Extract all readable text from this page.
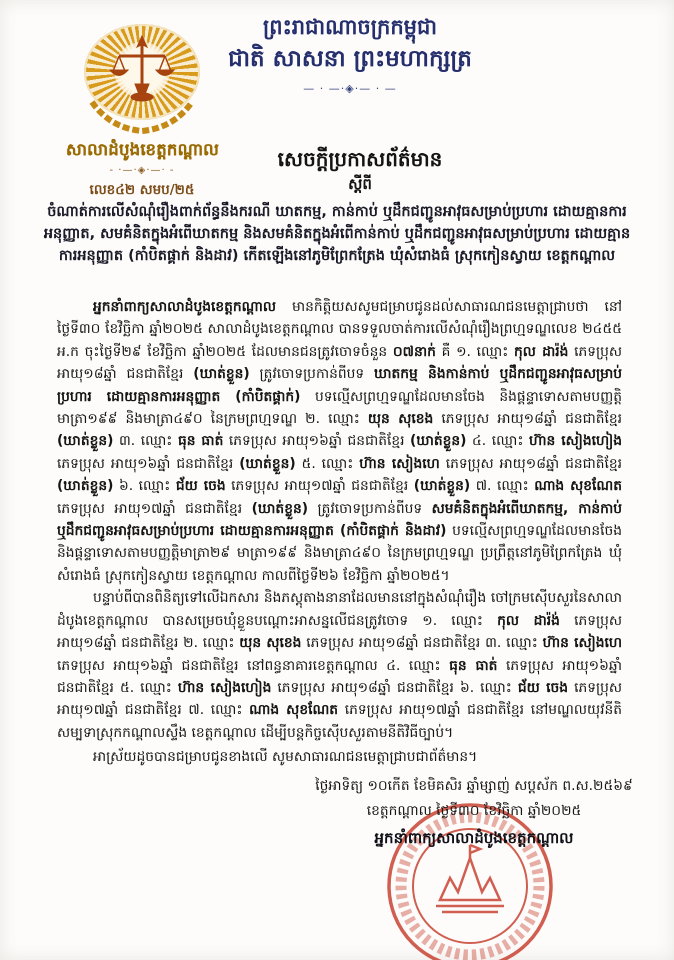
សាលាដំបូងខេត្តកណ្តាល
- ·—·◈·—· -
លេខ៤២ សមប/២៥
ព្រះរាជាណាចក្រកម្ពុជា
ជាតិ សាសនា ព្រះមហាក្សត្រ
— · —·◈·— · —
សេចក្តីប្រកាសព័ត៌មាន
ស្តីពី
ចំណាត់ការលើសំណុំរឿងពាក់ព័ន្ធនឹងករណី ឃាតកម្ម, កាន់កាប់ ឬដឹកជញ្ជូនអាវុធសម្រាប់ប្រហារ ដោយគ្មានការអនុញ្ញាត, សមគំនិតក្នុងអំពើឃាតកម្ម និងសមគំនិតក្នុងអំពើកាន់កាប់ ឬដឹកជញ្ជូនអាវុធសម្រាប់ប្រហារ ដោយគ្មានការអនុញ្ញាត (កាំបិតផ្គាក់ និងដាវ) កើតឡើងនៅភូមិព្រែកត្រែង ឃុំសំរោងធំ ស្រុកកៀនស្វាយ ខេត្តកណ្តាល

អ្នកនាំពាក្យសាលាដំបូងខេត្តកណ្តាល មានកិត្តិយសសូមជម្រាបជូនដល់សាធារណជនមេត្តាជ្រាបថា នៅថ្ងៃទី៣០ ខែវិច្ឆិកា ឆ្នាំ២០២៥ សាលាដំបូងខេត្តកណ្តាល បានទទួលចាត់ការលើសំណុំរឿងព្រហ្មទណ្ឌលេខ ២៤៥៥ អ.ក ចុះថ្ងៃទី២៩ ខែវិច្ឆិកា ឆ្នាំ២០២៥ ដែលមានជនត្រូវចោទចំនួន ០៧នាក់ គឺ ១. ឈ្មោះ កុល ដារ៉ង់ ភេទប្រុស អាយុ១៨ឆ្នាំ ជនជាតិខ្មែរ (ឃាត់ខ្លួន) ត្រូវចោទប្រកាន់ពីបទ ឃាតកម្ម និងកាន់កាប់ ឬដឹកជញ្ជូនអាវុធសម្រាប់ប្រហារ ដោយគ្មានការអនុញ្ញាត (កាំបិតផ្គាក់) បទល្មើសព្រហ្មទណ្ឌដែលមានចែង និងផ្តន្ទាទោសតាមបញ្ញត្តិមាត្រា១៩៩ និងមាត្រា៤៩០ នៃក្រមព្រហ្មទណ្ឌ ២. ឈ្មោះ យុន សុខេង ភេទប្រុស អាយុ១៨ឆ្នាំ ជនជាតិខ្មែរ (ឃាត់ខ្លួន) ៣. ឈ្មោះ ធុន ធាត់ ភេទប្រុស អាយុ១៦ឆ្នាំ ជនជាតិខ្មែរ (ឃាត់ខ្លួន) ៤. ឈ្មោះ ហ៊ាន សៀងហៀង ភេទប្រុស អាយុ១៦ឆ្នាំ ជនជាតិខ្មែរ (ឃាត់ខ្លួន) ៥. ឈ្មោះ ហ៊ាន សៀងហេ ភេទប្រុស អាយុ១៨ឆ្នាំ ជនជាតិខ្មែរ (ឃាត់ខ្លួន) ៦. ឈ្មោះ ជ័យ ចេង ភេទប្រុស អាយុ១៧ឆ្នាំ ជនជាតិខ្មែរ (ឃាត់ខ្លួន) ៧. ឈ្មោះ ណាង សុខណែត ភេទប្រុស អាយុ១៧ឆ្នាំ ជនជាតិខ្មែរ (ឃាត់ខ្លួន) ត្រូវចោទប្រកាន់ពីបទ សមគំនិតក្នុងអំពើឃាតកម្ម, កាន់កាប់ ឬដឹកជញ្ជូនអាវុធសម្រាប់ប្រហារ ដោយគ្មានការអនុញ្ញាត (កាំបិតផ្គាក់ និងដាវ) បទល្មើសព្រហ្មទណ្ឌដែលមានចែង និងផ្តន្ទាទោសតាមបញ្ញត្តិមាត្រា២៩ មាត្រា១៩៩ និងមាត្រា៤៩០ នៃក្រមព្រហ្មទណ្ឌ ប្រព្រឹត្តនៅភូមិព្រែកត្រែង ឃុំសំរោងធំ ស្រុកកៀនស្វាយ ខេត្តកណ្តាល កាលពីថ្ងៃទី២៦ ខែវិច្ឆិកា ឆ្នាំ២០២៥។

បន្ទាប់ពីបានពិនិត្យទៅលើឯកសារ និងភស្តុតាងនានាដែលមាននៅក្នុងសំណុំរឿង ចៅក្រមស៊ើបសួរនៃសាលាដំបូងខេត្តកណ្តាល បានសម្រេចឃុំខ្លួនបណ្តោះអាសន្នលើជនត្រូវចោទ ១. ឈ្មោះ កុល ដារ៉ង់ ភេទប្រុស អាយុ១៨ឆ្នាំ ជនជាតិខ្មែរ ២. ឈ្មោះ យុន សុខេង ភេទប្រុស អាយុ១៨ឆ្នាំ ជនជាតិខ្មែរ ៣. ឈ្មោះ ហ៊ាន សៀងហេ ភេទប្រុស អាយុ១៦ឆ្នាំ ជនជាតិខ្មែរ នៅពន្ធនាគារខេត្តកណ្តាល ៤. ឈ្មោះ ធុន ធាត់ ភេទប្រុស អាយុ១៦ឆ្នាំ ជនជាតិខ្មែរ ៥. ឈ្មោះ ហ៊ាន សៀងហៀង ភេទប្រុស អាយុ១៨ឆ្នាំ ជនជាតិខ្មែរ ៦. ឈ្មោះ ជ័យ ចេង ភេទប្រុស អាយុ១៧ឆ្នាំ ជនជាតិខ្មែរ ៧. ឈ្មោះ ណាង សុខណែត ភេទប្រុស អាយុ១៧ឆ្នាំ ជនជាតិខ្មែរ នៅមណ្ឌលយុវនីតិសម្បទាស្រុកកណ្តាលស្ទឹង ខេត្តកណ្តាល ដើម្បីបន្តកិច្ចស៊ើបសួរតាមនីតិវិធីច្បាប់។

អាស្រ័យដូចបានជម្រាបជូនខាងលើ សូមសាធារណជនមេត្តាជ្រាបជាព័ត៌មាន។

ថ្ងៃអាទិត្យ ១០កើត ខែមិគសិរ ឆ្នាំម្សាញ់ សប្តស័ក ព.ស.២៥៦៩
ខេត្តកណ្តាល ថ្ងៃទី៣០ ខែវិច្ឆិកា ឆ្នាំ២០២៥
អ្នកនាំពាក្យសាលាដំបូងខេត្តកណ្តាល
